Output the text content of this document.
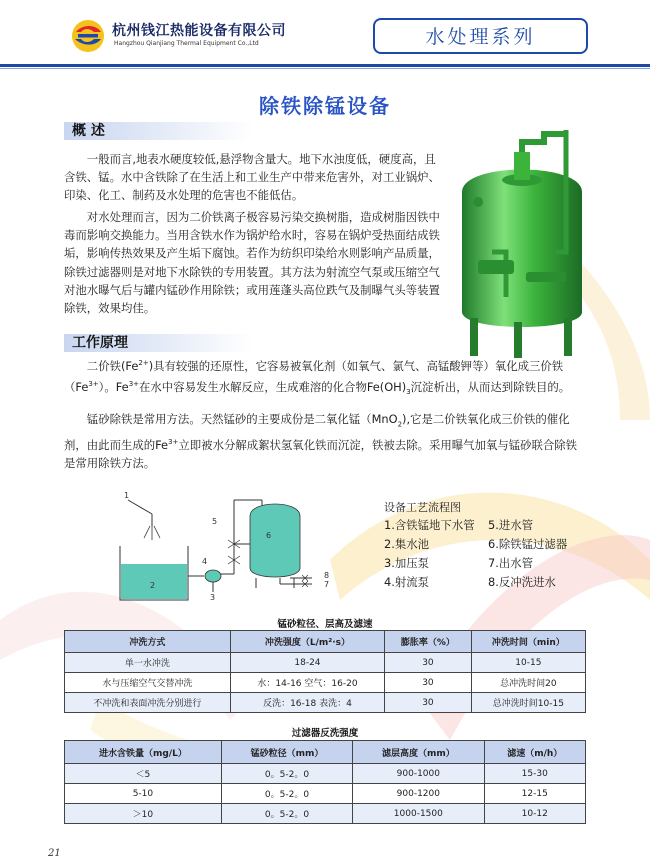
杭州钱江热能设备有限公司
Hangzhou Qianjiang Thermal Equipment Co.,Ltd	水处理系列
除铁除锰设备
概 述
一般而言,地表水硬度较低,悬浮物含量大。地下水浊度低，硬度高，且含铁、锰。水中含铁除了在生活上和工业生产中带来危害外，对工业锅炉、印染、化工、制药及水处理的危害也不能低估。
对水处理而言，因为二价铁离子极容易污染交换树脂，造成树脂因铁中毒而影响交换能力。当用含铁水作为锅炉给水时，容易在锅炉受热面结成铁垢，影响传热效果及产生垢下腐蚀。若作为纺织印染给水则影响产品质量，除铁过滤器则是对地下水除铁的专用装置。其方法为射流空气泵或压缩空气对池水曝气后与罐内锰砂作用除铁；或用莲蓬头高位跌气及制曝气头等装置除铁，效果均佳。
工作原理
二价铁$(Fe^{2+})$具有较强的还原性，它容易被氧化剂（如氧气、氯气、高锰酸钾等）氧化成三价铁$(Fe^{3+})$。$Fe^{3+}$在水中容易发生水解反应，生成难溶的化合物$Fe(OH)_3$沉淀析出，从而达到除铁目的。
锰砂除铁是常用方法。天然锰砂的主要成份是二氧化锰（MnO$_2$),它是二价铁氧化成三价铁的催化剂，由此而生成的$Fe^{3+}$立即被水分解成絮状氢氧化铁而沉淀，铁被去除。采用曝气加氧与锰砂联合除铁是常用除铁方法。
1
2
3
4
5
6
7
8
设备工艺流程图
1.含铁锰地下水管	5.进水管
2.集水池	6.除铁锰过滤器
3.加压泵	7.出水管
4.射流泵	8.反冲洗进水
锰砂粒径、层高及滤速
冲洗方式	冲洗强度（L/m²·s）	膨胀率（%）	冲洗时间（min）
单一水冲洗	18-24	30	10-15
水与压缩空气交替冲洗	水：14-16 空气：16-20	30	总冲洗时间20
不冲洗和表面冲洗分别进行	反洗：16-18 表洗：4	30	总冲洗时间10-15
过滤器反洗强度
进水含铁量（mg/L）	锰砂粒径（mm）	滤层高度（mm）	滤速（m/h）
＜5	0。5-2。0	900-1000	15-30
5-10	0。5-2。0	900-1200	12-15
＞10	0。5-2。0	1000-1500	10-12
21
